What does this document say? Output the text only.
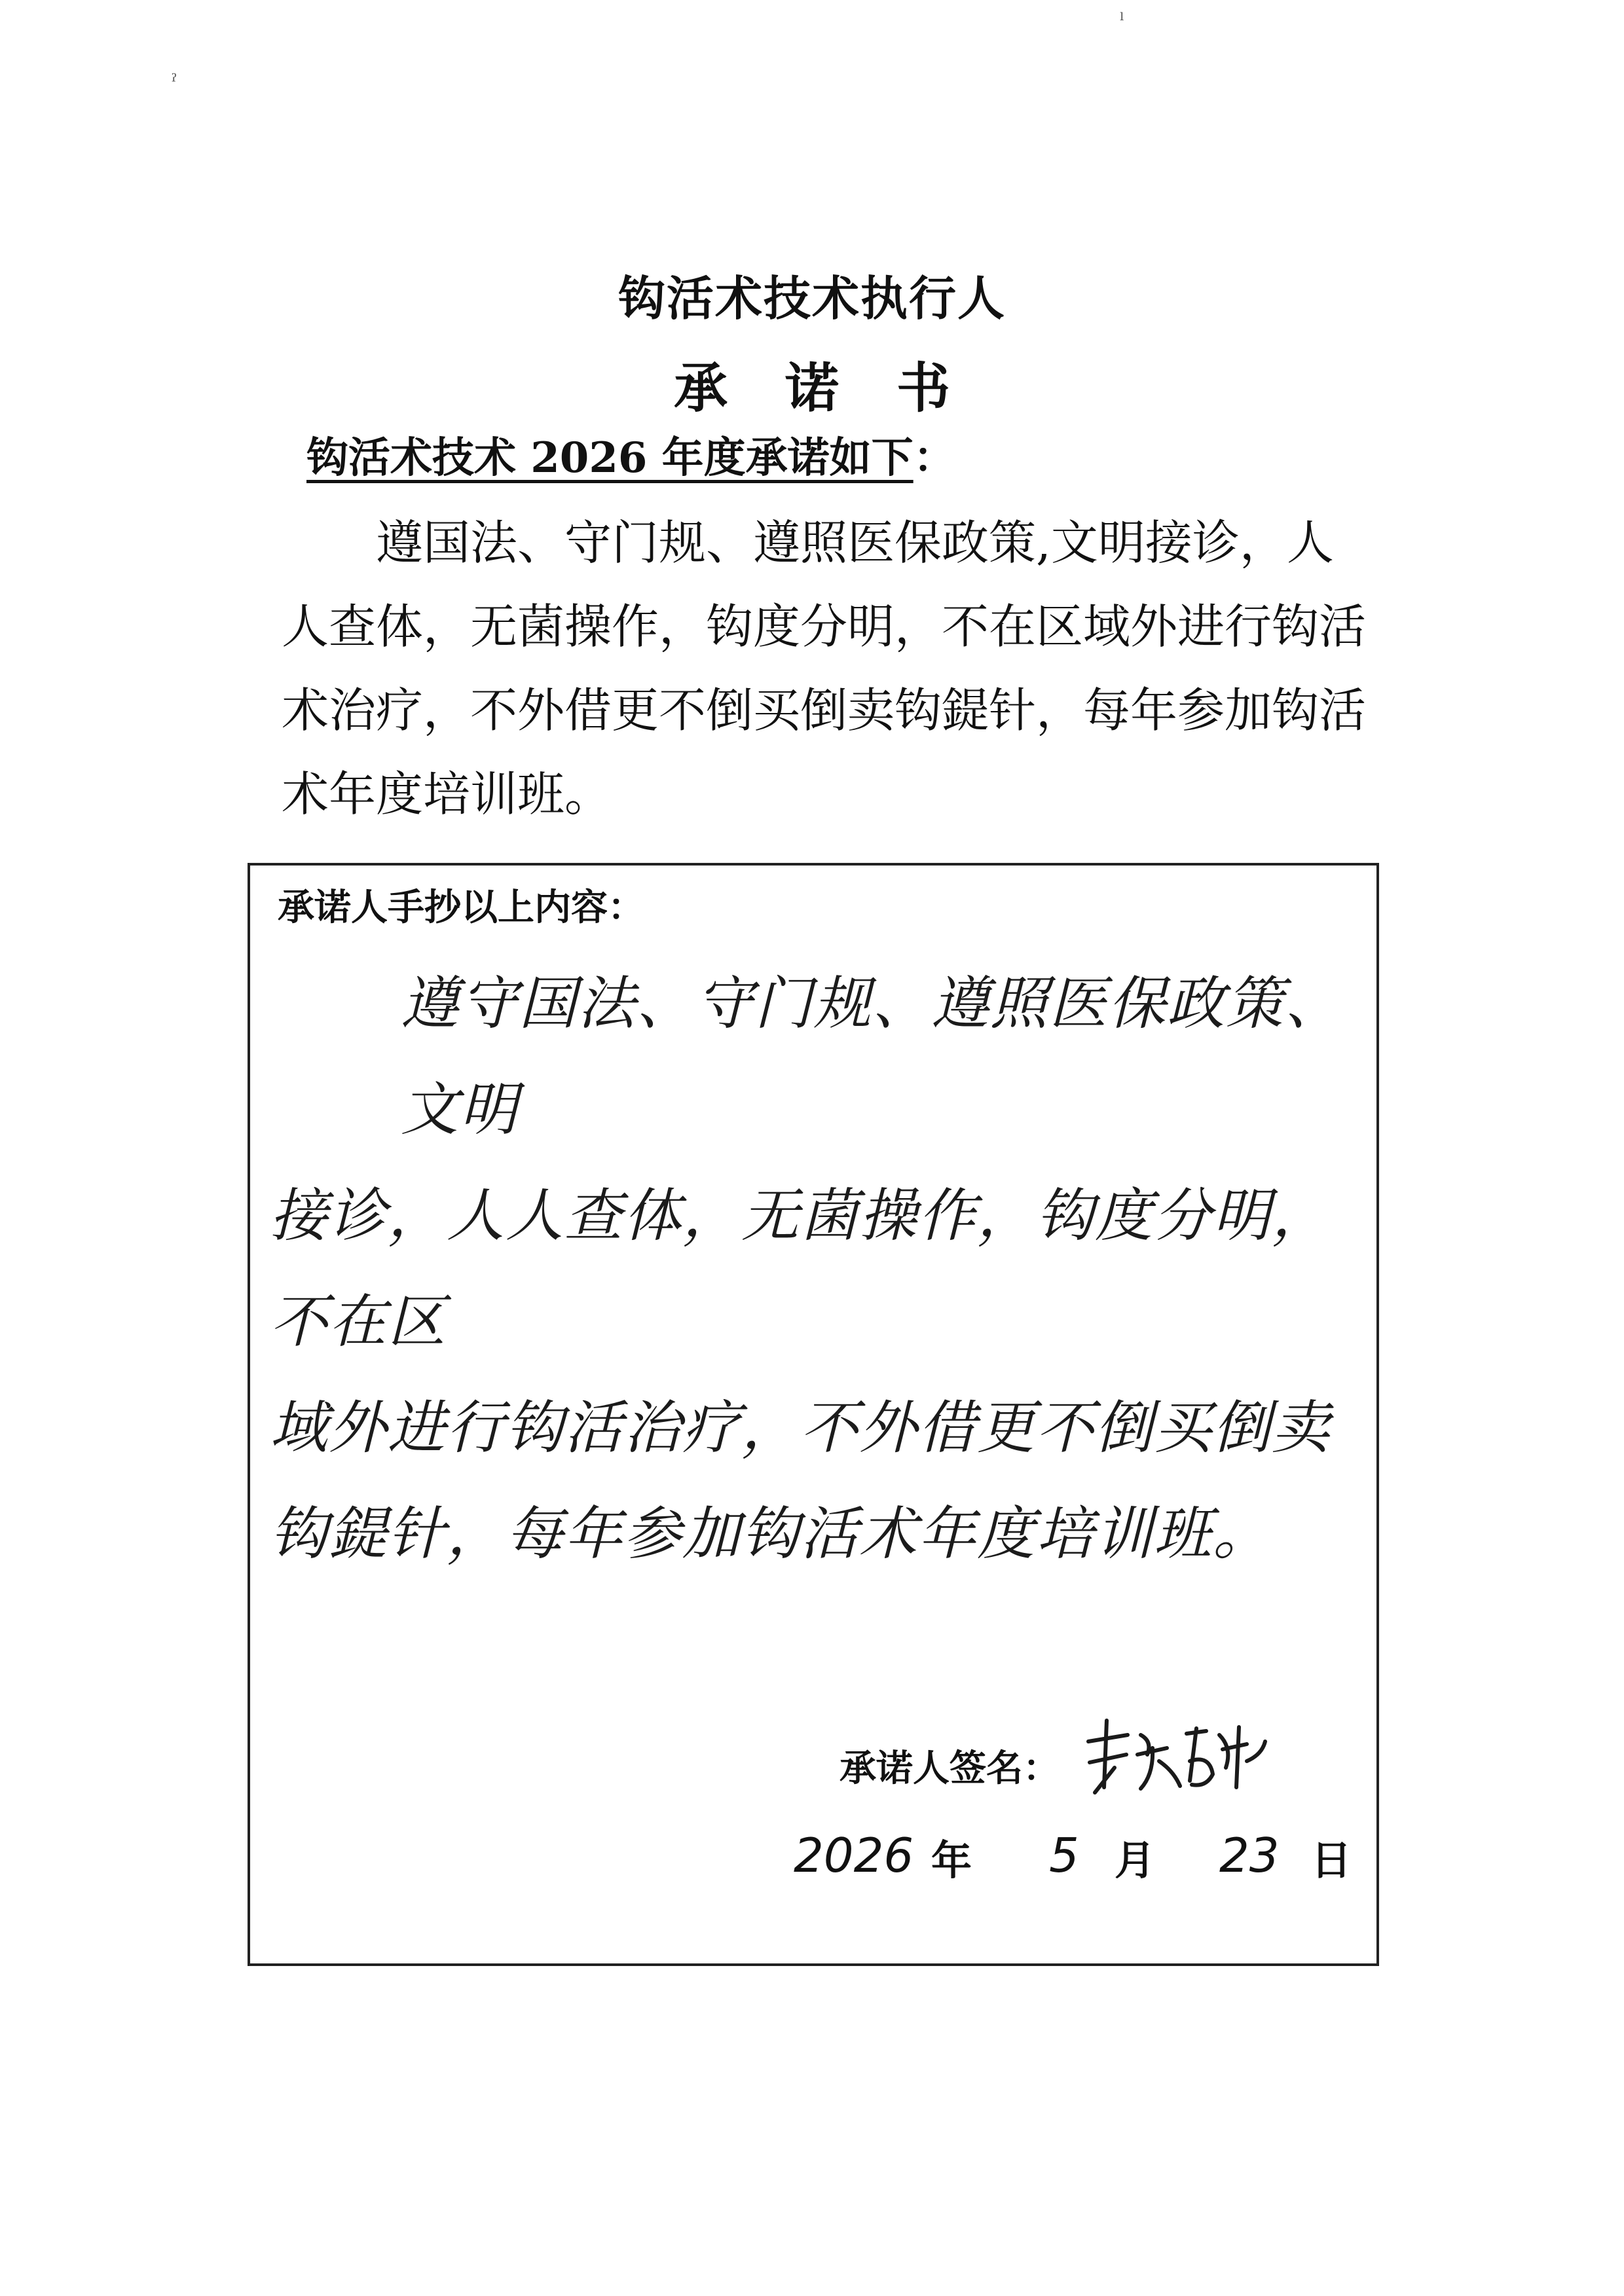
ˡ
ˀ
钩活术技术执行人
承诺书
钩活术技术 2026 年度承诺如下：
遵国法、守门规、遵照医保政策,文明接诊，人人查体，无菌操作，钩度分明，不在区域外进行钩活术治疗，不外借更不倒买倒卖钩鍉针，每年参加钩活术年度培训班。
承诺人手抄以上内容：
遵守国法、守门规、遵照医保政策、文明
接诊，人人查体，无菌操作，钩度分明，不在区
域外进行钩活治疗，不外借更不倒买倒卖
钩鍉针，每年参加钩活术年度培训班。
承诺人签名：
2026 年 5 月 23 日
